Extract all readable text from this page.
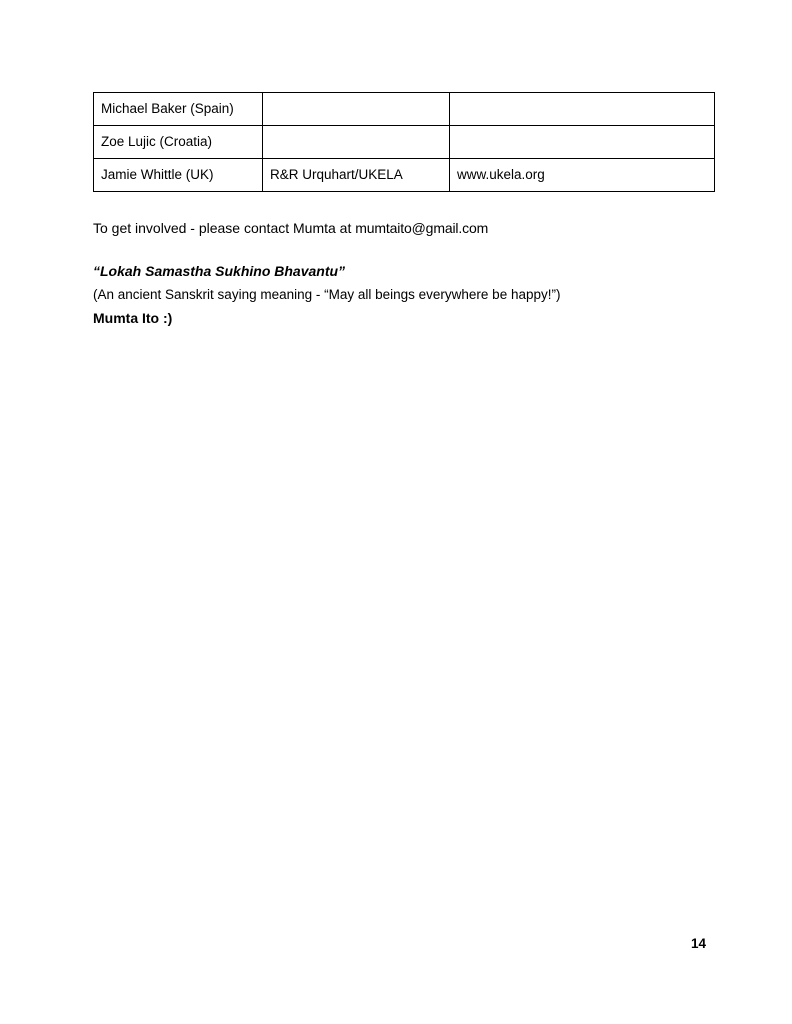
Michael Baker (Spain)		
Zoe Lujic (Croatia)		
Jamie Whittle (UK)	R&R Urquhart/UKELA	www.ukela.org

To get involved - please contact Mumta at mumtaito@gmail.com

“Lokah Samastha Sukhino Bhavantu”
(An ancient Sanskrit saying meaning - “May all beings everywhere be happy!”)
Mumta Ito :)
14
